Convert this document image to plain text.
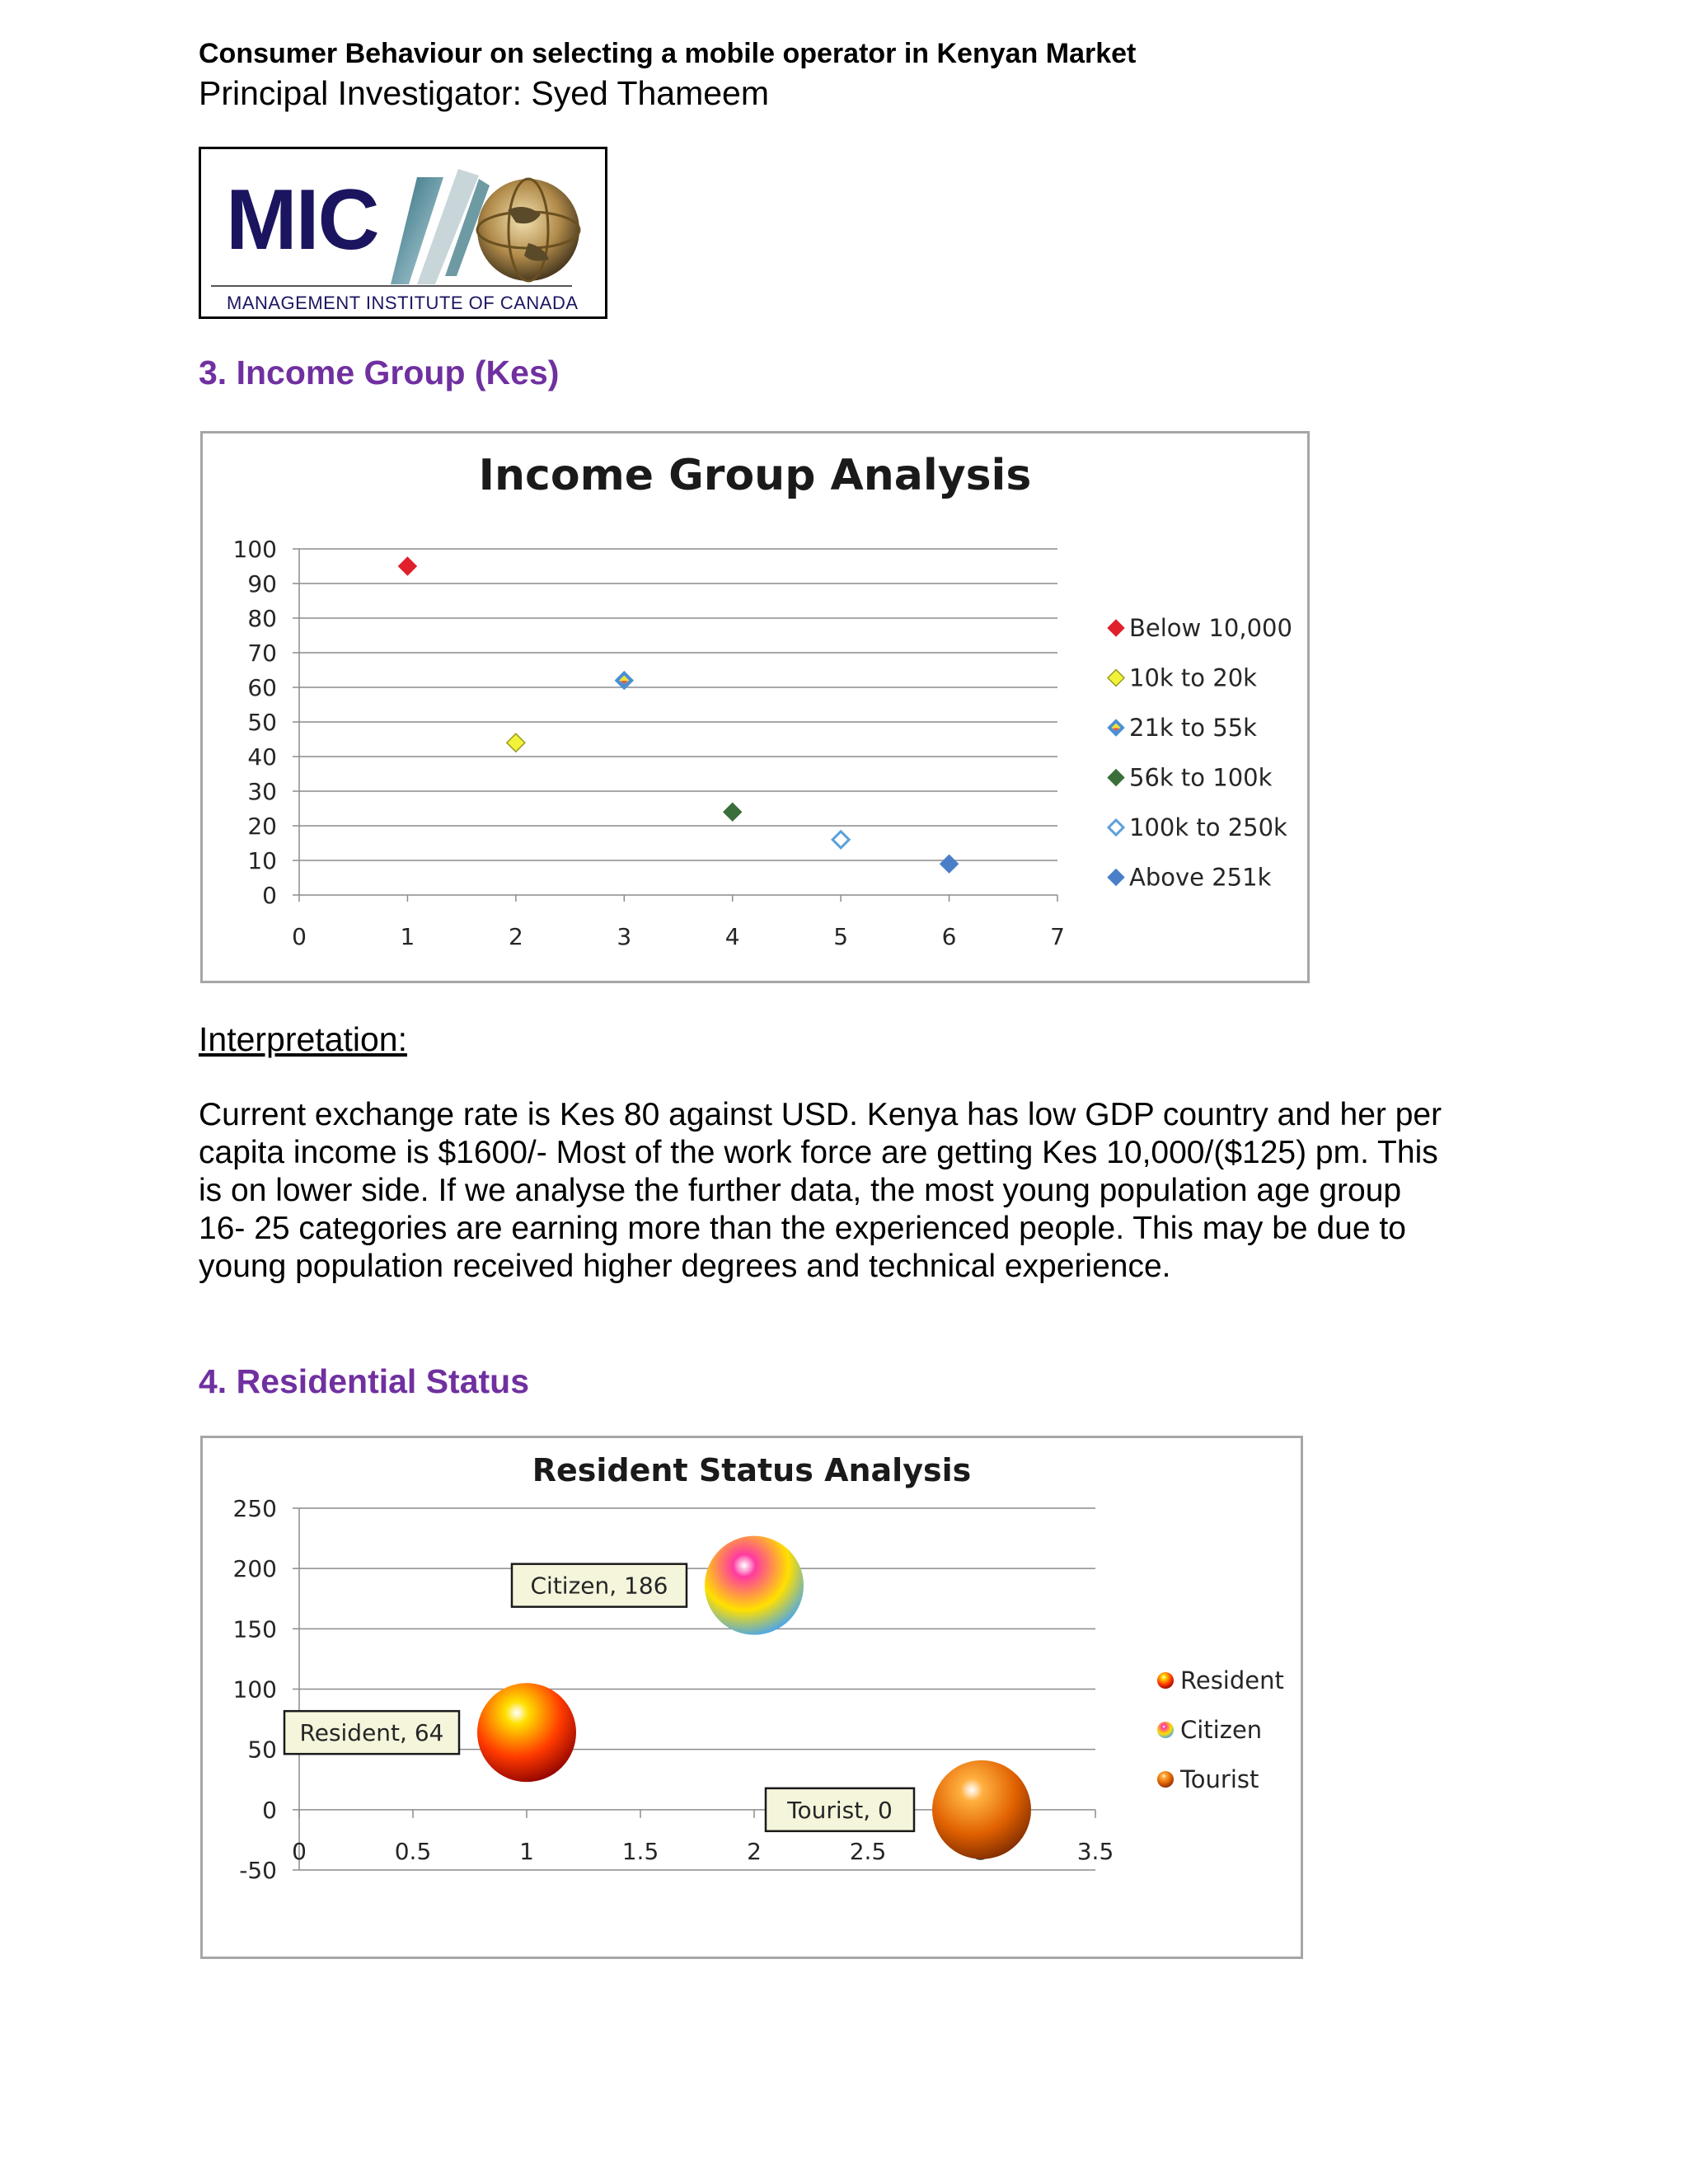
Consumer Behaviour on selecting a mobile operator in Kenyan Market
Principal Investigator: Syed Thameem
MIC
MANAGEMENT INSTITUTE OF CANADA
3. Income Group (Kes)
Income Group Analysis
0
10
20
30
40
50
60
70
80
90
100
0	1	2	3	4	5	6	7
Below 10,000
10k to 20k
21k to 55k
56k to 100k
100k to 250k
Above 251k
Interpretation:
Current exchange rate is Kes 80 against USD. Kenya has low GDP country and her per
capita income is $1600/- Most of the work force are getting Kes 10,000/($125) pm. This
is on lower side. If we analyse the further data, the most young population age group
16- 25 categories are earning more than the experienced people. This may be due to
young population received higher degrees and technical experience.
4. Residential Status
Resident Status Analysis
-50
0
50
100
150
200
250
0	0.5	1	1.5	2	2.5	3.5
Resident, 64
Resident
Citizen, 186
Citizen
Tourist, 0
Tourist
